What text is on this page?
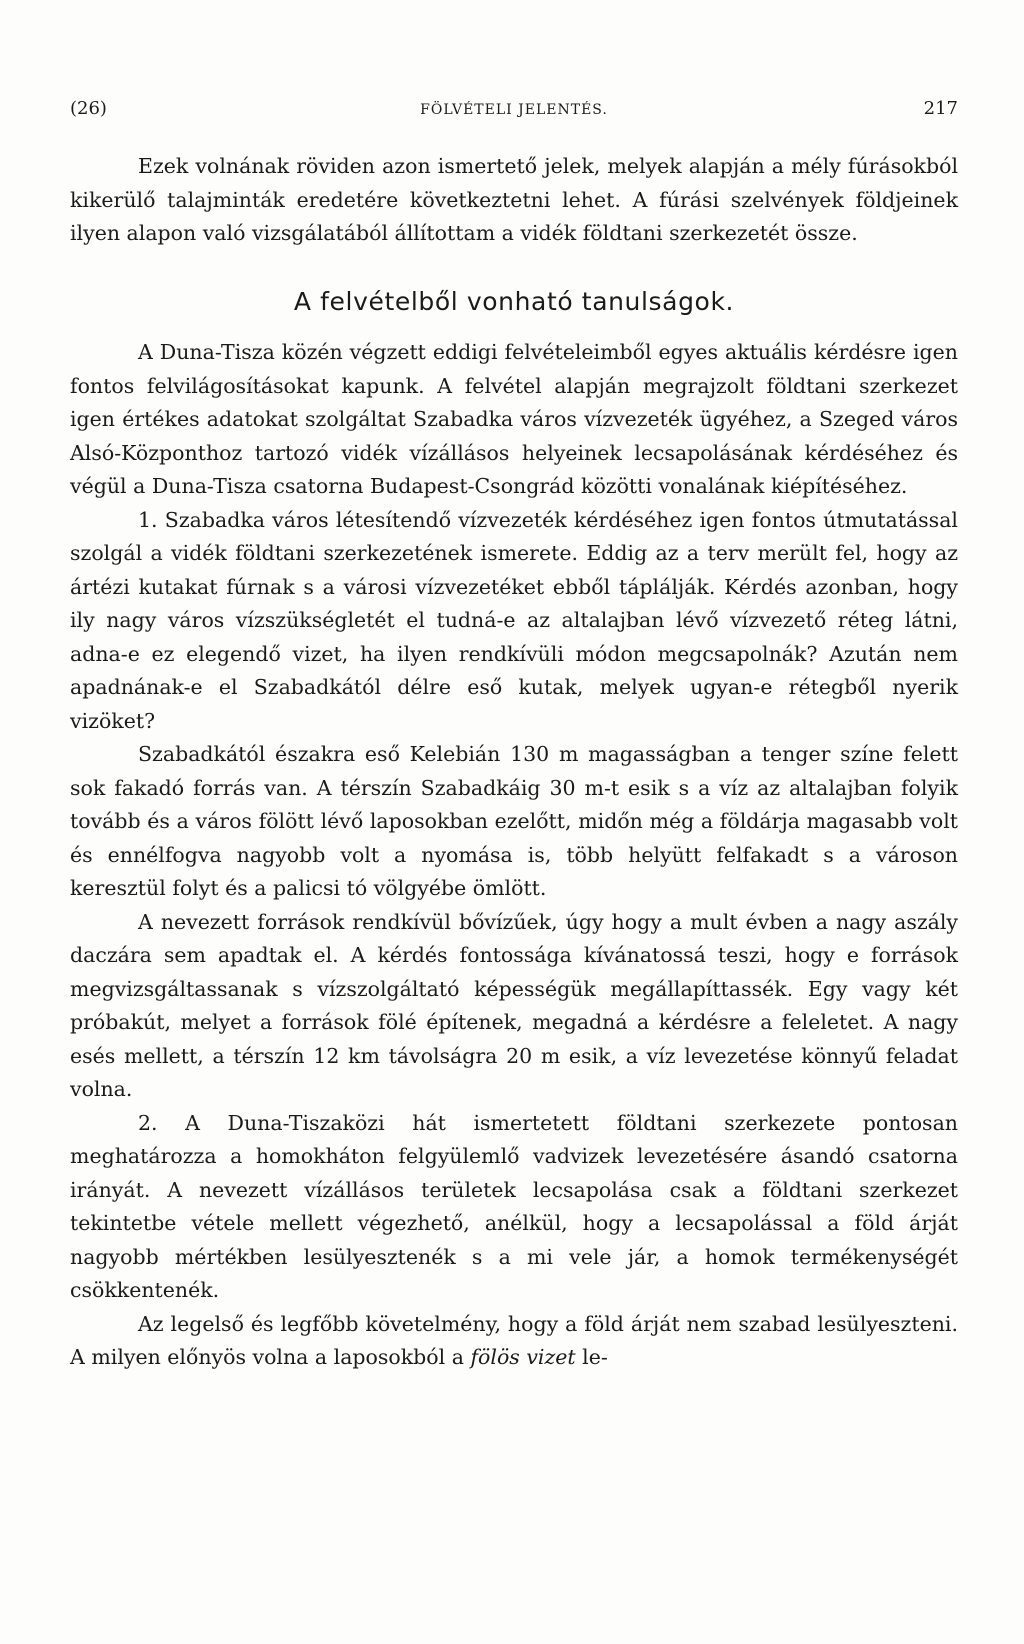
(26)	FÖLVÉTELI JELENTÉS.	217

Ezek volnának röviden azon ismertető jelek, melyek alapján a mély fúrásokból kikerülő talajminták eredetére következtetni lehet. A fúrási szelvények földjeinek ilyen alapon való vizsgálatából állítottam a vidék földtani szerkezetét össze.

A felvételből vonható tanulságok.

A Duna-Tisza közén végzett eddigi felvételeimből egyes aktuális kérdésre igen fontos felvilágosításokat kapunk. A felvétel alapján megrajzolt földtani szerkezet igen értékes adatokat szolgáltat Szabadka város vízvezeték ügyéhez, a Szeged város Alsó-Központhoz tartozó vidék vízállásos helyeinek lecsapolásának kérdéséhez és végül a Duna-Tisza csatorna Budapest-Csongrád közötti vonalának kiépítéséhez.

1. Szabadka város létesítendő vízvezeték kérdéséhez igen fontos útmutatással szolgál a vidék földtani szerkezetének ismerete. Eddig az a terv merült fel, hogy az ártézi kutakat fúrnak s a városi vízvezetéket ebből táplálják. Kérdés azonban, hogy ily nagy város vízszükségletét el tudná-e az altalajban lévő vízvezető réteg látni, adna-e ez elegendő vizet, ha ilyen rendkívüli módon megcsapolnák? Azután nem apadnának-e el Szabadkától délre eső kutak, melyek ugyan-e rétegből nyerik vizöket?

Szabadkától északra eső Kelebián 130 m magasságban a tenger színe felett sok fakadó forrás van. A térszín Szabadkáig 30 m-t esik s a víz az altalajban folyik tovább és a város fölött lévő laposokban ezelőtt, midőn még a földárja magasabb volt és ennélfogva nagyobb volt a nyomása is, több helyütt felfakadt s a városon keresztül folyt és a palicsi tó völgyébe ömlött.

A nevezett források rendkívül bővízűek, úgy hogy a mult évben a nagy aszály daczára sem apadtak el. A kérdés fontossága kívánatossá teszi, hogy e források megvizsgáltassanak s vízszolgáltató képességük megállapíttassék. Egy vagy két próbakút, melyet a források fölé építenek, megadná a kérdésre a feleletet. A nagy esés mellett, a térszín 12 km távolságra 20 m esik, a víz levezetése könnyű feladat volna.

2. A Duna-Tiszaközi hát ismertetett földtani szerkezete pontosan meghatározza a homokháton felgyülemlő vadvizek levezetésére ásandó csatorna irányát. A nevezett vízállásos területek lecsapolása csak a földtani szerkezet tekintetbe vétele mellett végezhető, anélkül, hogy a lecsapolással a föld árját nagyobb mértékben lesülyesztenék s a mi vele jár, a homok termékenységét csökkentenék.

Az legelső és legfőbb követelmény, hogy a föld árját nem szabad lesülyeszteni. A milyen előnyös volna a laposokból a fölös vizet le-
